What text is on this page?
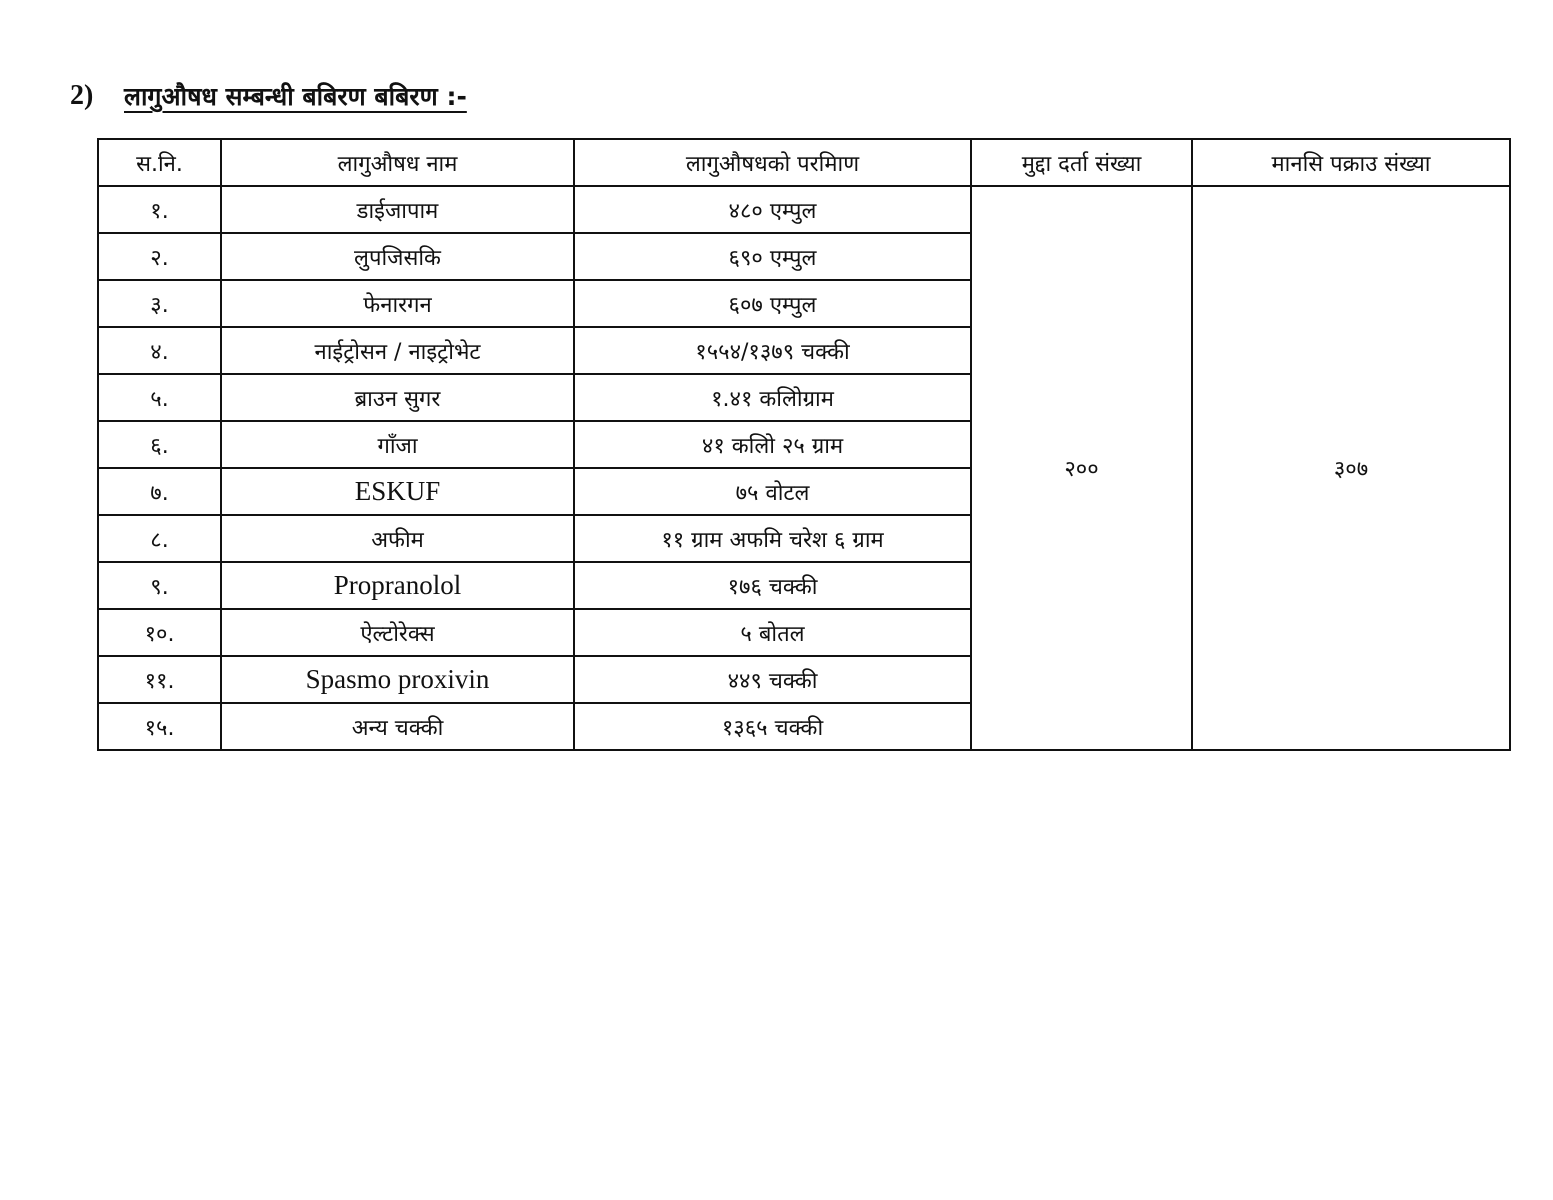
2)	लागुऔषध सम्बन्धी बबिरण बबिरण :-
स.नि.	लागुऔषध नाम	लागुऔषधको परमिाण	मुद्दा दर्ता संख्या	मानसि पक्राउ संख्या
१.	डाईजापाम	४८० एम्पुल	२००	३०७
२.	लुपजिसकि	६९० एम्पुल		
३.	फेनारगन	६०७ एम्पुल		
४.	नाईट्रोसन / नाइट्रोभेट	१५५४/१३७९ चक्की		
५.	ब्राउन सुगर	१.४१ कलिोग्राम		
६.	गाँजा	४१ कलिो २५ ग्राम		
७.	ESKUF	७५ वोटल		
८.	अफीम	११ ग्राम अफमि चरेश ६ ग्राम		
९.	Propranolol	१७६ चक्की		
१०.	ऐल्टोरेक्स	५ बोतल		
११.	Spasmo proxivin	४४९ चक्की		
१५.	अन्य चक्की	१३६५ चक्की		
